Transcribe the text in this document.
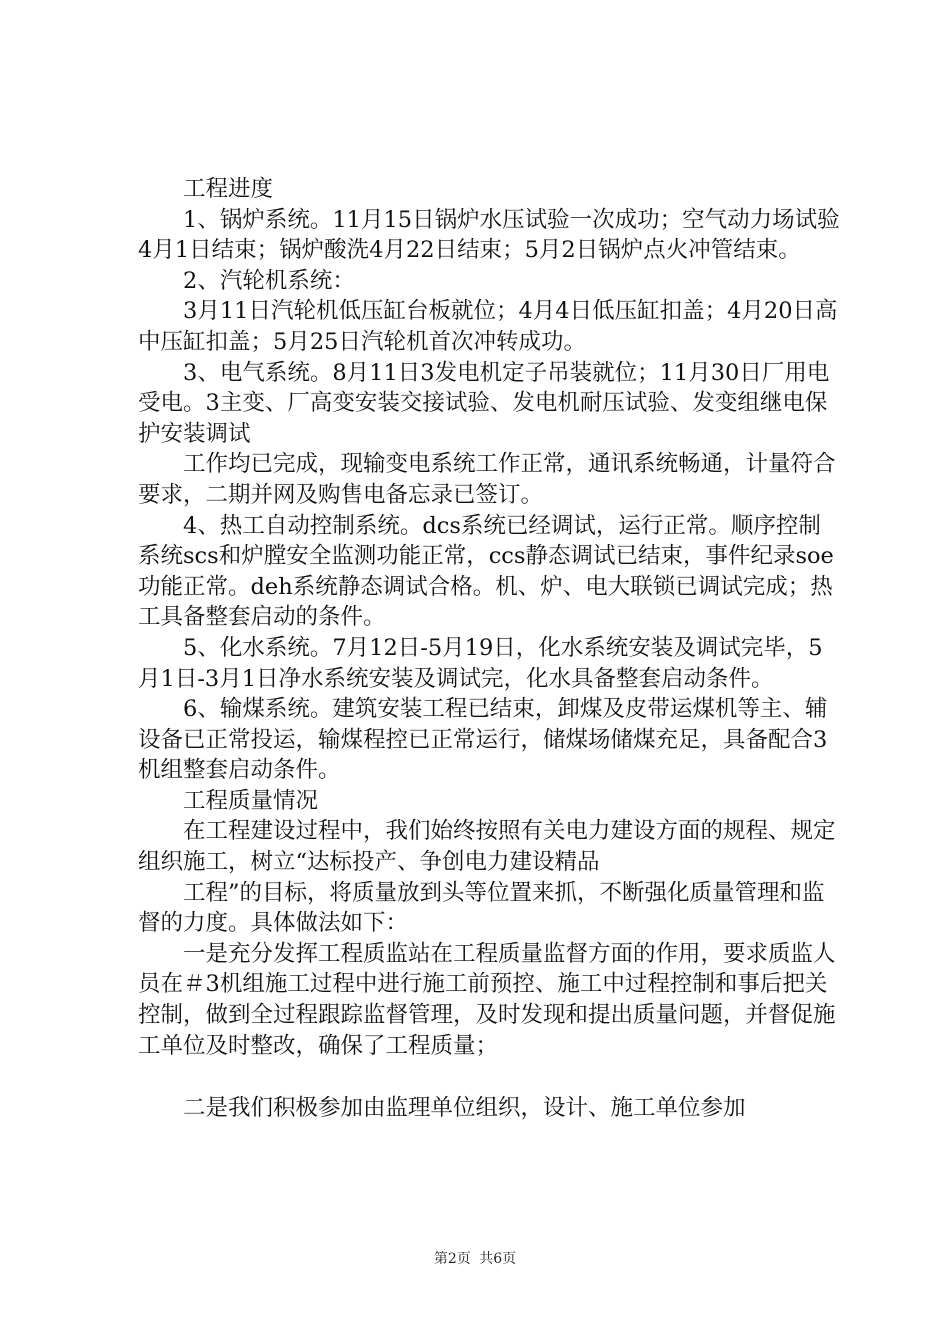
工程进度

1、锅炉系统。11月15日锅炉水压试验一次成功；空气动力场试验4月1日结束；锅炉酸洗4月22日结束；5月2日锅炉点火冲管结束。

2、汽轮机系统：

3月11日汽轮机低压缸台板就位；4月4日低压缸扣盖；4月20日高中压缸扣盖；5月25日汽轮机首次冲转成功。

3、电气系统。8月11日3发电机定子吊装就位；11月30日厂用电受电。3主变、厂高变安装交接试验、发电机耐压试验、发变组继电保护安装调试

工作均已完成，现输变电系统工作正常，通讯系统畅通，计量符合要求，二期并网及购售电备忘录已签订。

4、热工自动控制系统。dcs系统已经调试，运行正常。顺序控制系统scs和炉膛安全监测功能正常，ccs静态调试已结束，事件纪录soe功能正常。deh系统静态调试合格。机、炉、电大联锁已调试完成；热工具备整套启动的条件。

5、化水系统。7月12日-5月19日，化水系统安装及调试完毕，5月1日-3月1日净水系统安装及调试完，化水具备整套启动条件。

6、输煤系统。建筑安装工程已结束，卸煤及皮带运煤机等主、辅设备已正常投运，输煤程控已正常运行，储煤场储煤充足，具备配合3机组整套启动条件。

工程质量情况

在工程建设过程中，我们始终按照有关电力建设方面的规程、规定组织施工，树立“达标投产、争创电力建设精品

工程”的目标，将质量放到头等位置来抓，不断强化质量管理和监督的力度。具体做法如下：

一是充分发挥工程质监站在工程质量监督方面的作用，要求质监人员在＃3机组施工过程中进行施工前预控、施工中过程控制和事后把关控制，做到全过程跟踪监督管理，及时发现和提出质量问题，并督促施工单位及时整改，确保了工程质量；

二是我们积极参加由监理单位组织，设计、施工单位参加

第2页 共6页
